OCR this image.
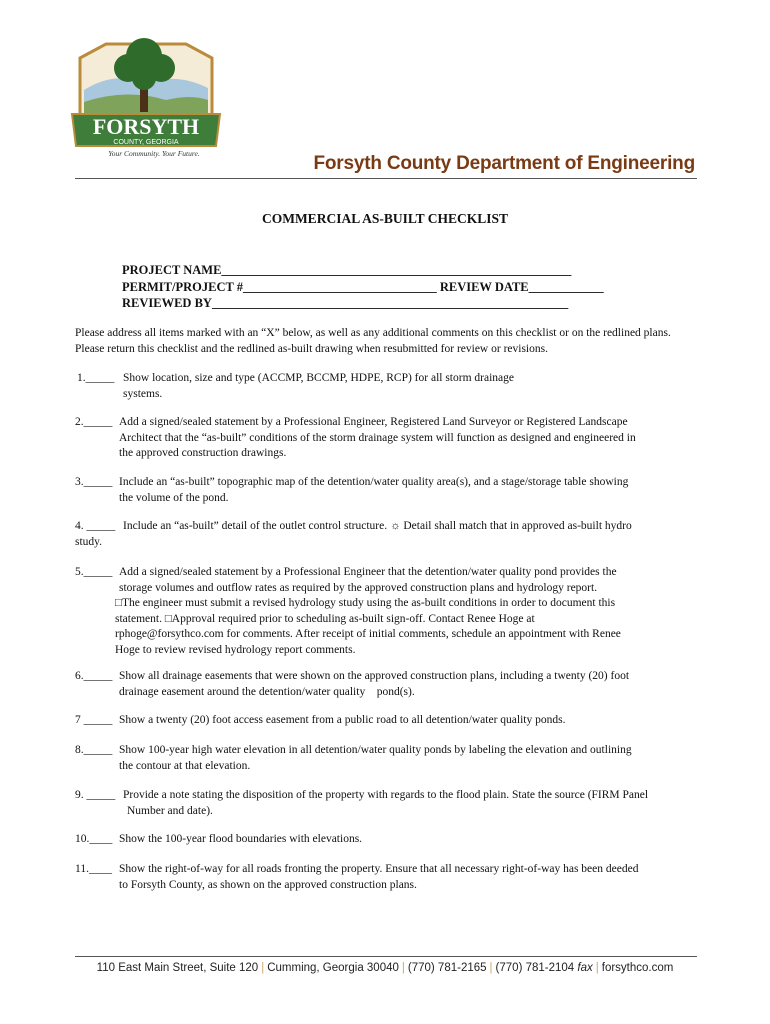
FORSYTH
COUNTY, GEORGIA
Your Community. Your Future.	Forsyth County Department of Engineering
COMMERCIAL AS-BUILT CHECKLIST
PROJECT NAME________________________________________________________
PERMIT/PROJECT #_______________________________ REVIEW DATE____________
REVIEWED BY_________________________________________________________
Please address all items marked with an “X” below, as well as any additional comments on this checklist or on the redlined plans. Please return this checklist and the redlined as-built drawing when resubmitted for review or revisions.
1._____ Show location, size and type (ACCMP, BCCMP, HDPE, RCP) for all storm drainage
systems.
2._____ Add a signed/sealed statement by a Professional Engineer, Registered Land Surveyor or Registered Landscape
Architect that the “as-built” conditions of the storm drainage system will function as designed and engineered in
the approved construction drawings.
3._____ Include an “as-built” topographic map of the detention/water quality area(s), and a stage/storage table showing
the volume of the pond.
4. _____ Include an “as-built” detail of the outlet control structure. ☼ Detail shall match that in approved as-built hydro
study.
5._____ Add a signed/sealed statement by a Professional Engineer that the detention/water quality pond provides the
storage volumes and outflow rates as required by the approved construction plans and hydrology report.
□The engineer must submit a revised hydrology study using the as-built conditions in order to document this
statement. □Approval required prior to scheduling as-built sign-off. Contact Renee Hoge at
rphoge@forsythco.com for comments. After receipt of initial comments, schedule an appointment with Renee
Hoge to review revised hydrology report comments.
6._____ Show all drainage easements that were shown on the approved construction plans, including a twenty (20) foot
drainage easement around the detention/water quality    pond(s).
7 _____ Show a twenty (20) foot access easement from a public road to all detention/water quality ponds.
8._____ Show 100-year high water elevation in all detention/water quality ponds by labeling the elevation and outlining
the contour at that elevation.
9. _____ Provide a note stating the disposition of the property with regards to the flood plain. State the source (FIRM Panel
Number and date).
10.____ Show the 100-year flood boundaries with elevations.
11.____ Show the right-of-way for all roads fronting the property. Ensure that all necessary right-of-way has been deeded
to Forsyth County, as shown on the approved construction plans.
110 East Main Street, Suite 120 | Cumming, Georgia 30040 | (770) 781-2165 | (770) 781-2104 fax | forsythco.com
